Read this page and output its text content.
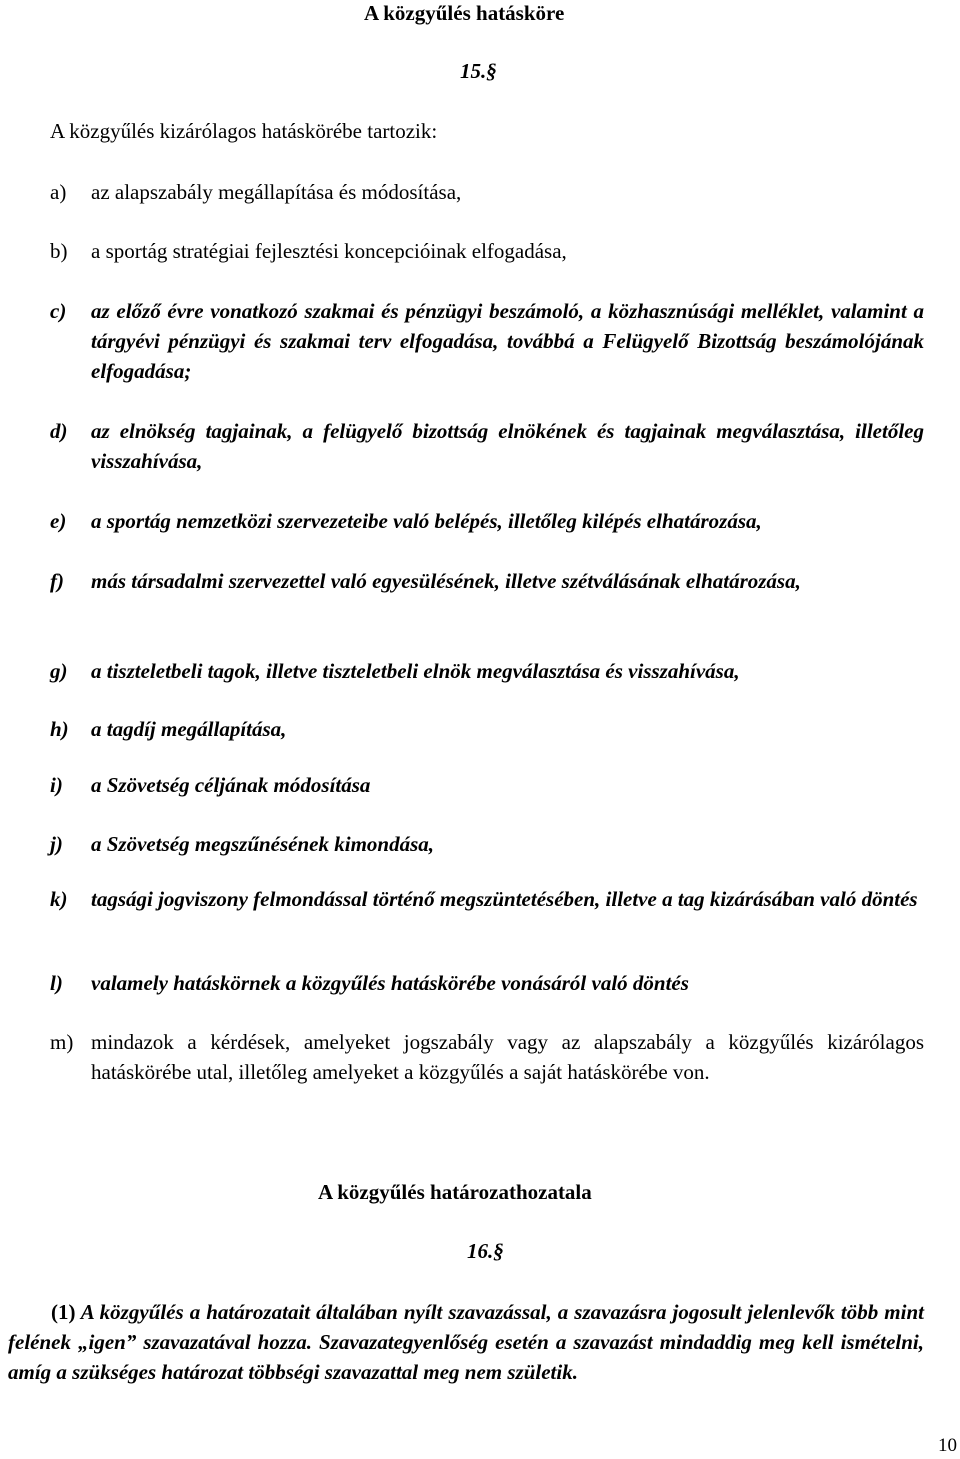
A közgyűlés hatásköre
15.§
A közgyűlés kizárólagos hatáskörébe tartozik:
a) az alapszabály megállapítása és módosítása,
b) a sportág stratégiai fejlesztési koncepcióinak elfogadása,
c) az előző évre vonatkozó szakmai és pénzügyi beszámoló, a közhasznúsági melléklet, valamint a tárgyévi pénzügyi és szakmai terv elfogadása, továbbá a Felügyelő Bizottság beszámolójának elfogadása;
d) az elnökség tagjainak, a felügyelő bizottság elnökének és tagjainak megválasztása, illetőleg visszahívása,
e) a sportág nemzetközi szervezeteibe való belépés, illetőleg kilépés elhatározása,
f) más társadalmi szervezettel való egyesülésének, illetve szétválásának elhatározása,
g) a tiszteletbeli tagok, illetve tiszteletbeli elnök megválasztása és visszahívása,
h) a tagdíj megállapítása,
i) a Szövetség céljának módosítása
j) a Szövetség megszűnésének kimondása,
k) tagsági jogviszony felmondással történő megszüntetésében, illetve a tag kizárásában való döntés
l) valamely hatáskörnek a közgyűlés hatáskörébe vonásáról való döntés
m) mindazok a kérdések, amelyeket jogszabály vagy az alapszabály a közgyűlés kizárólagos hatáskörébe utal, illetőleg amelyeket a közgyűlés a saját hatáskörébe von.
A közgyűlés határozathozatala
16.§
(1) A közgyűlés a határozatait általában nyílt szavazással, a szavazásra jogosult jelenlevők több mint felének „igen” szavazatával hozza. Szavazategyenlőség esetén a szavazást mindaddig meg kell ismételni, amíg a szükséges határozat többségi szavazattal meg nem születik.
10
